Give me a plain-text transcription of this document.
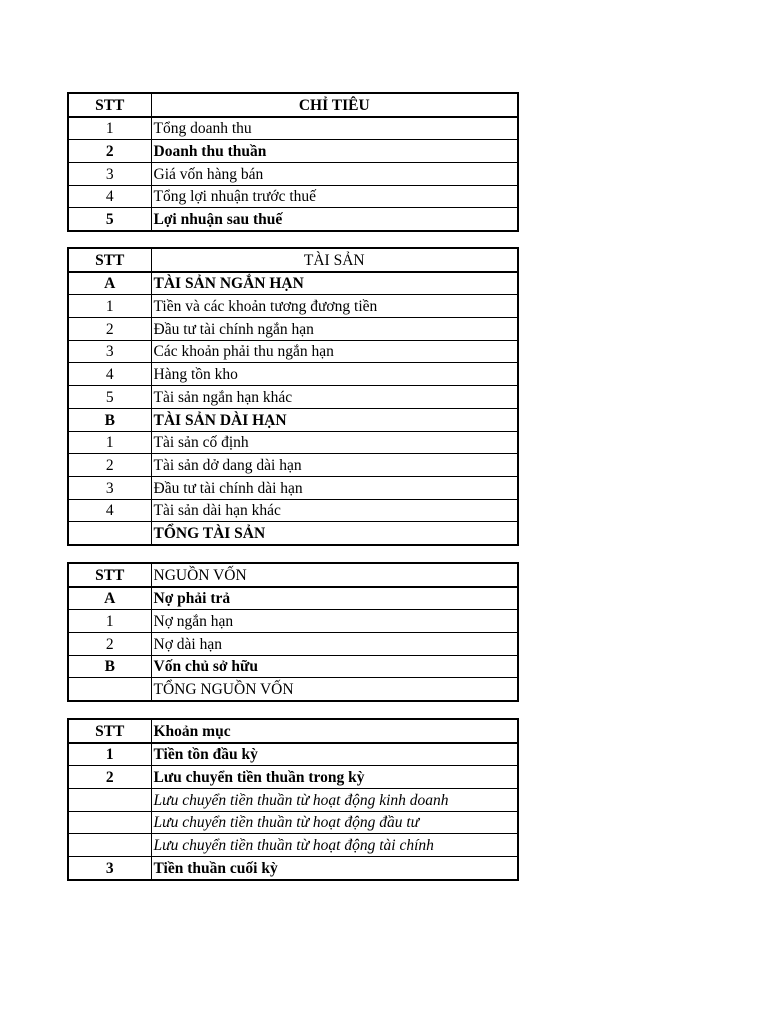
STT	CHỈ TIÊU
1	Tổng doanh thu
2	Doanh thu thuần
3	Giá vốn hàng bán
4	Tổng lợi nhuận trước thuế
5	Lợi nhuận sau thuế
STT	TÀI SẢN
A	TÀI SẢN NGẮN HẠN
1	Tiền và các khoản tương đương tiền
2	Đầu tư tài chính ngắn hạn
3	Các khoản phải thu ngắn hạn
4	Hàng tồn kho
5	Tài sản ngắn hạn khác
B	TÀI SẢN DÀI HẠN
1	Tài sản cố định
2	Tài sản dở dang dài hạn
3	Đầu tư tài chính dài hạn
4	Tài sản dài hạn khác
	TỔNG TÀI SẢN
STT	NGUỒN VỐN
A	Nợ phải trả
1	Nợ ngắn hạn
2	Nợ dài hạn
B	Vốn chủ sở hữu
	TỔNG NGUỒN VỐN
STT	Khoản mục
1	Tiền tồn đầu kỳ
2	Lưu chuyển tiền thuần trong kỳ
	Lưu chuyển tiền thuần từ hoạt động kinh doanh
	Lưu chuyển tiền thuần từ hoạt động đầu tư
	Lưu chuyển tiền thuần từ hoạt động tài chính
3	Tiền thuần cuối kỳ
